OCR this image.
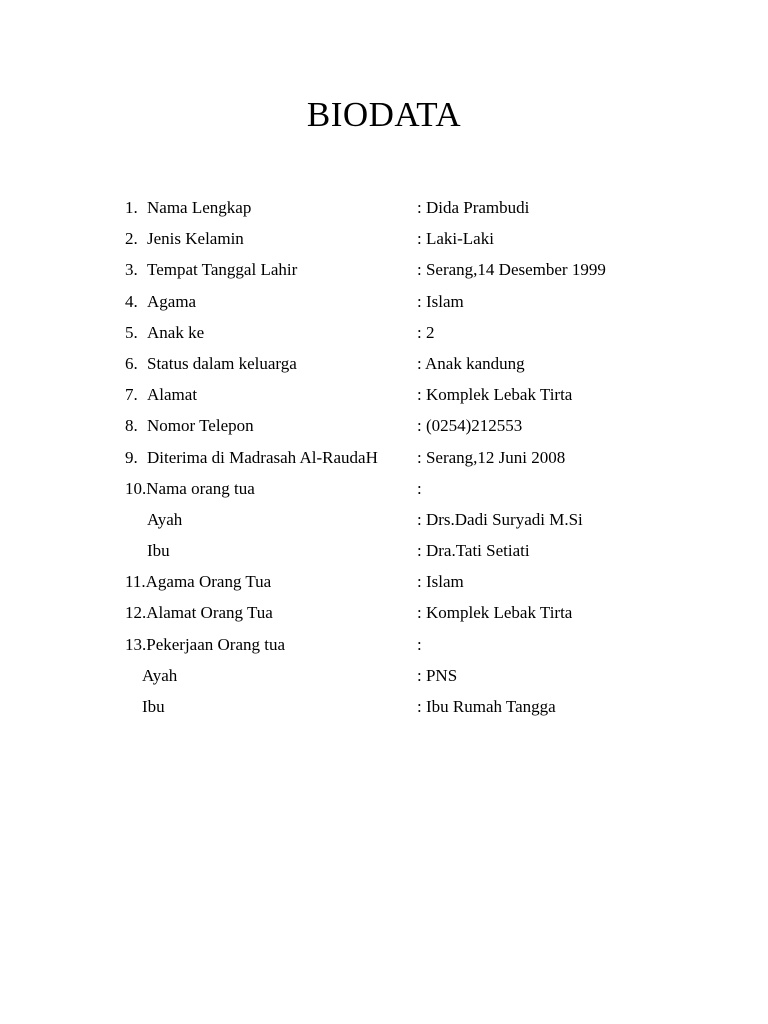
BIODATA
1. Nama Lengkap	: Dida Prambudi
2. Jenis Kelamin	: Laki-Laki
3. Tempat Tanggal Lahir	: Serang,14 Desember 1999
4. Agama	: Islam
5. Anak ke	: 2
6. Status dalam keluarga	: Anak kandung
7. Alamat	: Komplek Lebak Tirta
8. Nomor Telepon	: (0254)212553
9. Diterima di Madrasah Al-RaudaH : Serang,12 Juni 2008
10.Nama orang tua	:
Ayah	: Drs.Dadi Suryadi M.Si
Ibu	: Dra.Tati Setiati
11.Agama Orang Tua	: Islam
12.Alamat Orang Tua	: Komplek Lebak Tirta
13.Pekerjaan Orang tua	:
Ayah	: PNS
Ibu	: Ibu Rumah Tangga
